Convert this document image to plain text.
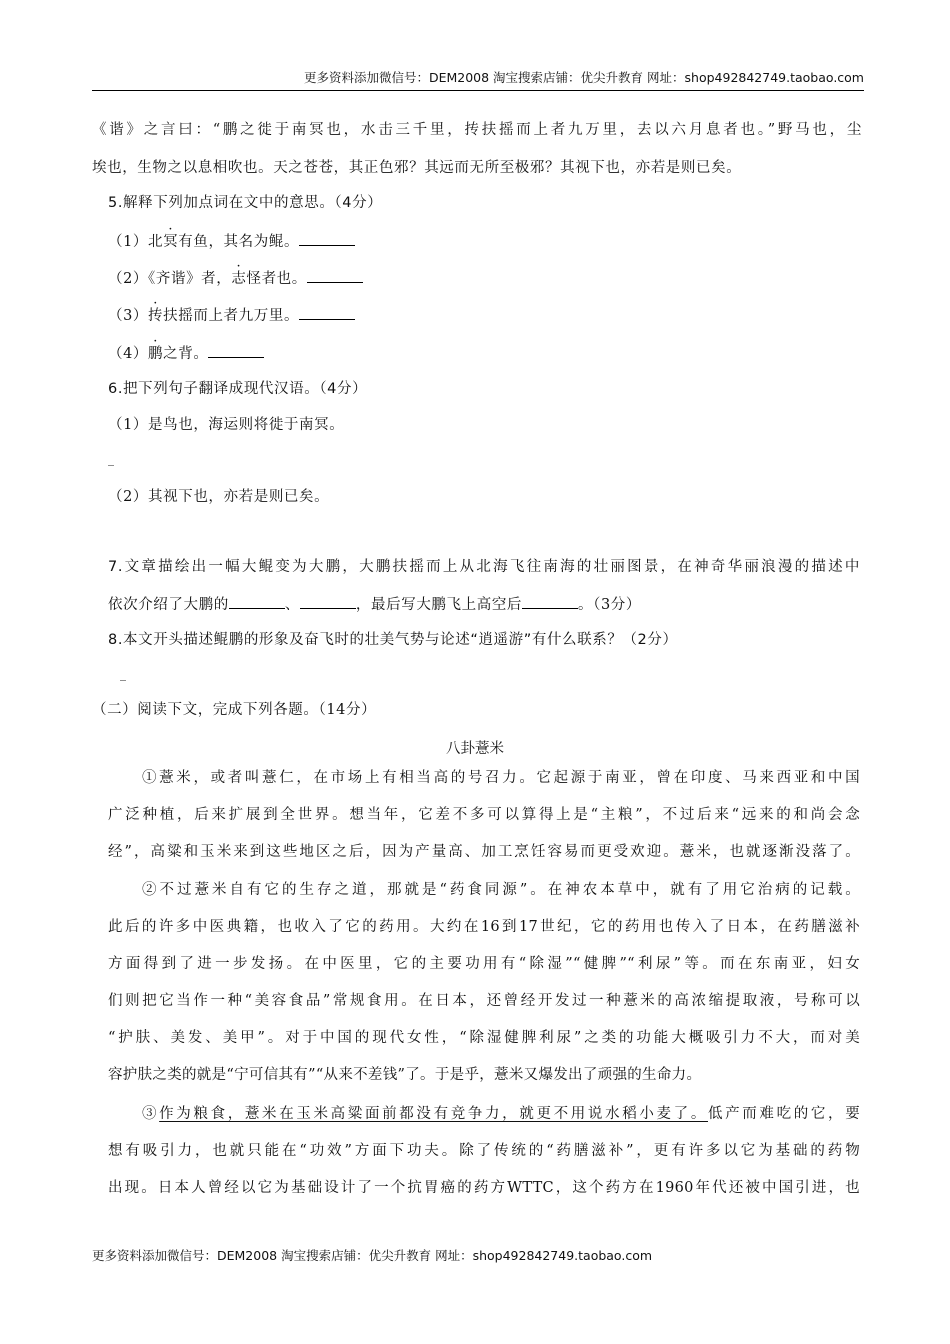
更多资料添加微信号：DEM2008 淘宝搜索店铺：优尖升教育 网址：shop492842749.taobao.com
《谐》之言曰：“鹏之徙于南冥也，水击三千里，抟扶摇而上者九万里，去以六月息者也。”野马也，尘
埃也，生物之以息相吹也。天之苍苍，其正色邪？其远而无所至极邪？其视下也，亦若是则已矣。
5.解释下列加点词在文中的意思。（4分）
（1）北冥有鱼，其名为鲲。
（2）《齐谐》者，志怪者也。
（3）抟扶摇而上者九万里。
（4）鹏之背。
6.把下列句子翻译成现代汉语。（4分）
（1）是鸟也，海运则将徙于南冥。
_
（2）其视下也，亦若是则已矣。
7.文章描绘出一幅大鲲变为大鹏，大鹏扶摇而上从北海飞往南海的壮丽图景，在神奇华丽浪漫的描述中
依次介绍了大鹏的	、	，最后写大鹏飞上高空后	。（3分）
8.本文开头描述鲲鹏的形象及奋飞时的壮美气势与论述“逍遥游”有什么联系？（2分）
_
（二）阅读下文，完成下列各题。（14分）
八卦薏米
①薏米，或者叫薏仁，在市场上有相当高的号召力。它起源于南亚，曾在印度、马来西亚和中国
广泛种植，后来扩展到全世界。想当年，它差不多可以算得上是“主粮”，不过后来“远来的和尚会念
经”，高粱和玉米来到这些地区之后，因为产量高、加工烹饪容易而更受欢迎。薏米，也就逐渐没落了。
②不过薏米自有它的生存之道，那就是“药食同源”。在神农本草中，就有了用它治病的记载。
此后的许多中医典籍，也收入了它的药用。大约在16到17世纪，它的药用也传入了日本，在药膳滋补
方面得到了进一步发扬。在中医里，它的主要功用有“除湿”“健脾”“利尿”等。而在东南亚，妇女
们则把它当作一种“美容食品”常规食用。在日本，还曾经开发过一种薏米的高浓缩提取液，号称可以
“护肤、美发、美甲”。对于中国的现代女性，“除湿健脾利尿”之类的功能大概吸引力不大，而对美
容护肤之类的就是“宁可信其有”“从来不差钱”了。于是乎，薏米又爆发出了顽强的生命力。
③作为粮食，薏米在玉米高粱面前都没有竞争力，就更不用说水稻小麦了。低产而难吃的它，要
想有吸引力，也就只能在“功效”方面下功夫。除了传统的“药膳滋补”，更有许多以它为基础的药物
出现。日本人曾经以它为基础设计了一个抗胃癌的药方WTTC，这个药方在1960年代还被中国引进，也
更多资料添加微信号：DEM2008 淘宝搜索店铺：优尖升教育 网址：shop492842749.taobao.com
